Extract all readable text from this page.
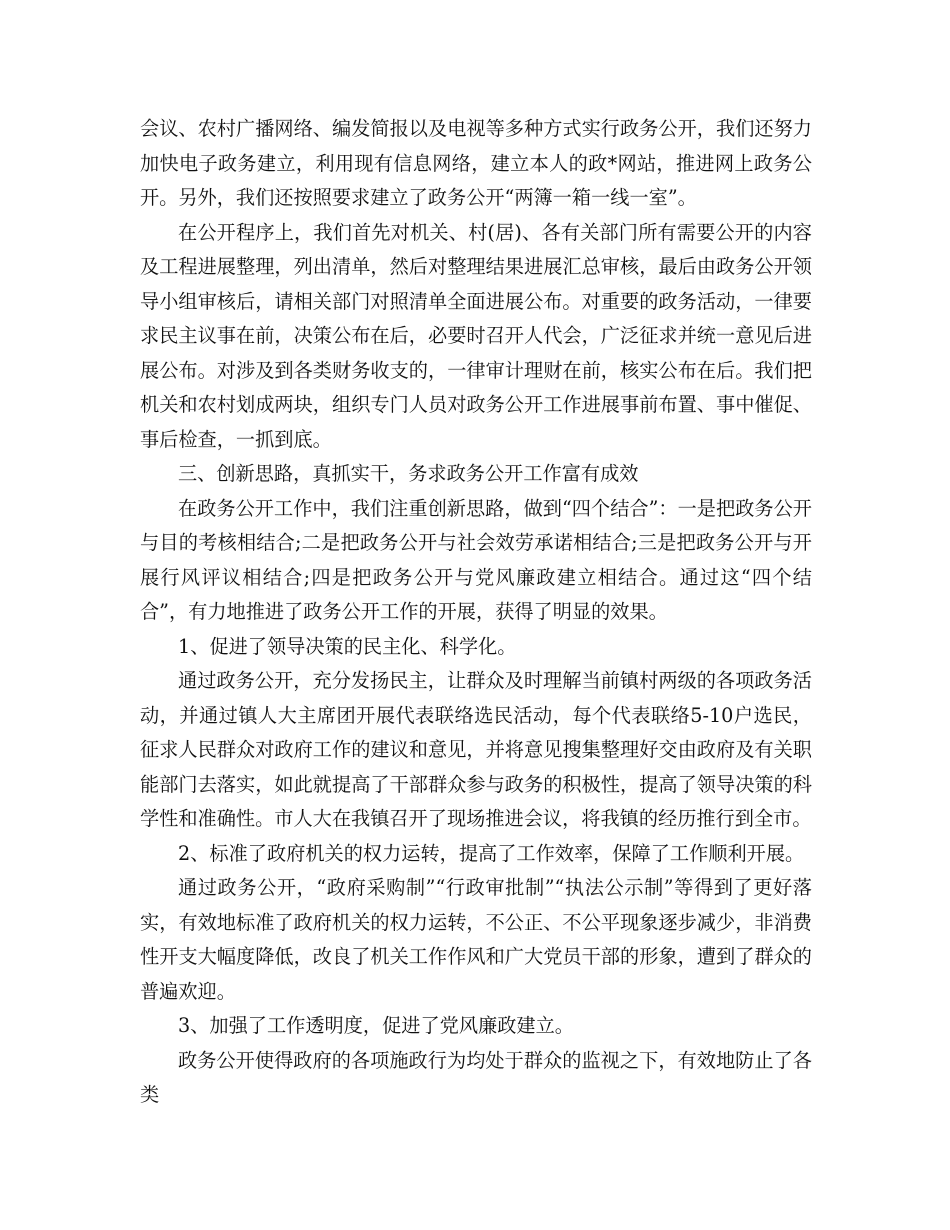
会议、农村广播网络、编发简报以及电视等多种方式实行政务公开，我们还努力加快电子政务建立，利用现有信息网络，建立本人的政*网站，推进网上政务公开。另外，我们还按照要求建立了政务公开“两簿一箱一线一室”。

在公开程序上，我们首先对机关、村(居)、各有关部门所有需要公开的内容及工程进展整理，列出清单，然后对整理结果进展汇总审核，最后由政务公开领导小组审核后，请相关部门对照清单全面进展公布。对重要的政务活动，一律要求民主议事在前，决策公布在后，必要时召开人代会，广泛征求并统一意见后进展公布。对涉及到各类财务收支的，一律审计理财在前，核实公布在后。我们把机关和农村划成两块，组织专门人员对政务公开工作进展事前布置、事中催促、事后检查，一抓到底。

三、创新思路，真抓实干，务求政务公开工作富有成效

在政务公开工作中，我们注重创新思路，做到“四个结合”：一是把政务公开与目的考核相结合;二是把政务公开与社会效劳承诺相结合;三是把政务公开与开展行风评议相结合;四是把政务公开与党风廉政建立相结合。通过这“四个结合”，有力地推进了政务公开工作的开展，获得了明显的效果。

1、促进了领导决策的民主化、科学化。

通过政务公开，充分发扬民主，让群众及时理解当前镇村两级的各项政务活动，并通过镇人大主席团开展代表联络选民活动，每个代表联络5-10户选民，征求人民群众对政府工作的建议和意见，并将意见搜集整理好交由政府及有关职能部门去落实，如此就提高了干部群众参与政务的积极性，提高了领导决策的科学性和准确性。市人大在我镇召开了现场推进会议，将我镇的经历推行到全市。

2、标准了政府机关的权力运转，提高了工作效率，保障了工作顺利开展。

通过政务公开，“政府采购制”“行政审批制”“执法公示制”等得到了更好落实，有效地标准了政府机关的权力运转，不公正、不公平现象逐步减少，非消费性开支大幅度降低，改良了机关工作作风和广大党员干部的形象，遭到了群众的普遍欢迎。

3、加强了工作透明度，促进了党风廉政建立。

政务公开使得政府的各项施政行为均处于群众的监视之下，有效地防止了各类
